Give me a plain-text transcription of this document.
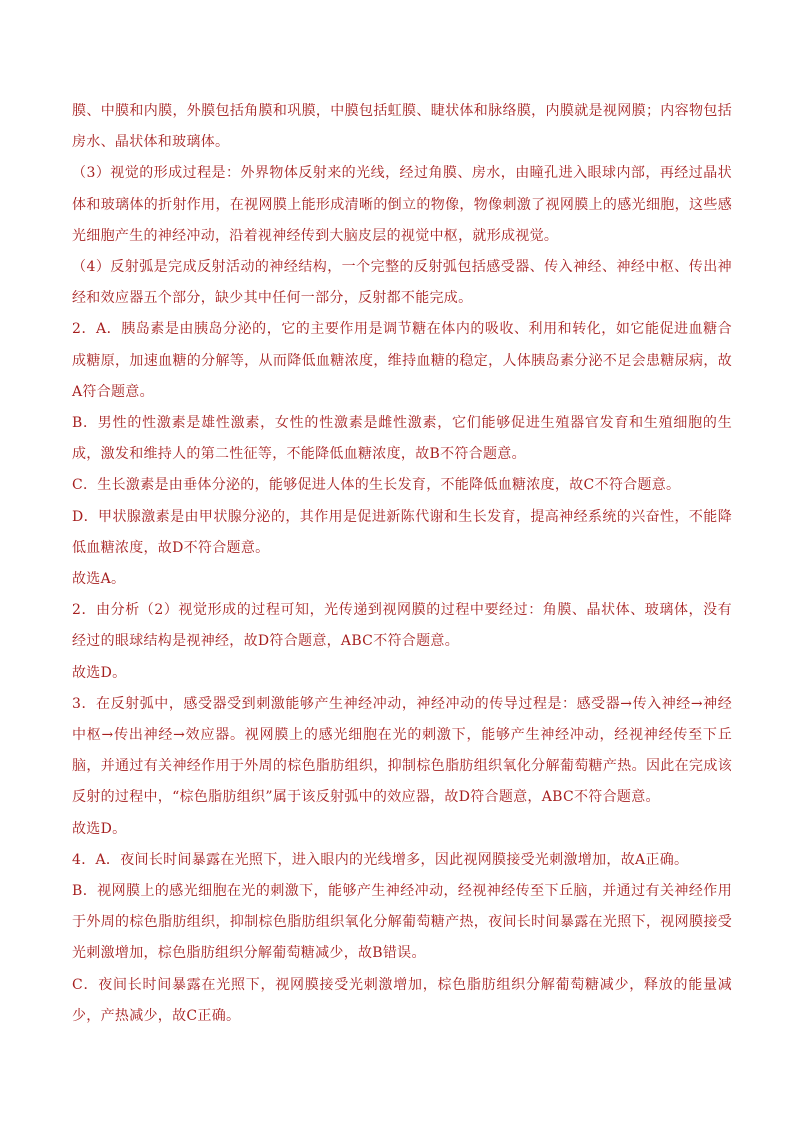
膜、中膜和内膜，外膜包括角膜和巩膜，中膜包括虹膜、睫状体和脉络膜，内膜就是视网膜；内容物包括房水、晶状体和玻璃体。

（3）视觉的形成过程是：外界物体反射来的光线，经过角膜、房水，由瞳孔进入眼球内部，再经过晶状体和玻璃体的折射作用，在视网膜上能形成清晰的倒立的物像，物像刺激了视网膜上的感光细胞，这些感光细胞产生的神经冲动，沿着视神经传到大脑皮层的视觉中枢，就形成视觉。

（4）反射弧是完成反射活动的神经结构，一个完整的反射弧包括感受器、传入神经、神经中枢、传出神经和效应器五个部分，缺少其中任何一部分，反射都不能完成。

2．A．胰岛素是由胰岛分泌的，它的主要作用是调节糖在体内的吸收、利用和转化，如它能促进血糖合成糖原，加速血糖的分解等，从而降低血糖浓度，维持血糖的稳定，人体胰岛素分泌不足会患糖尿病，故A符合题意。

B．男性的性激素是雄性激素，女性的性激素是雌性激素，它们能够促进生殖器官发育和生殖细胞的生成，激发和维持人的第二性征等，不能降低血糖浓度，故B不符合题意。

C．生长激素是由垂体分泌的，能够促进人体的生长发育，不能降低血糖浓度，故C不符合题意。

D．甲状腺激素是由甲状腺分泌的，其作用是促进新陈代谢和生长发育，提高神经系统的兴奋性，不能降低血糖浓度，故D不符合题意。

故选A。

2．由分析（2）视觉形成的过程可知，光传递到视网膜的过程中要经过：角膜、晶状体、玻璃体，没有经过的眼球结构是视神经，故D符合题意，ABC不符合题意。

故选D。

3．在反射弧中，感受器受到刺激能够产生神经冲动，神经冲动的传导过程是：感受器→传入神经→神经中枢→传出神经→效应器。视网膜上的感光细胞在光的刺激下，能够产生神经冲动，经视神经传至下丘脑，并通过有关神经作用于外周的棕色脂肪组织，抑制棕色脂肪组织氧化分解葡萄糖产热。因此在完成该反射的过程中，“棕色脂肪组织”属于该反射弧中的效应器，故D符合题意，ABC不符合题意。

故选D。

4．A．夜间长时间暴露在光照下，进入眼内的光线增多，因此视网膜接受光刺激增加，故A正确。

B．视网膜上的感光细胞在光的刺激下，能够产生神经冲动，经视神经传至下丘脑，并通过有关神经作用于外周的棕色脂肪组织，抑制棕色脂肪组织氧化分解葡萄糖产热，夜间长时间暴露在光照下，视网膜接受光刺激增加，棕色脂肪组织分解葡萄糖减少，故B错误。

C．夜间长时间暴露在光照下，视网膜接受光刺激增加，棕色脂肪组织分解葡萄糖减少，释放的能量减少，产热减少，故C正确。
